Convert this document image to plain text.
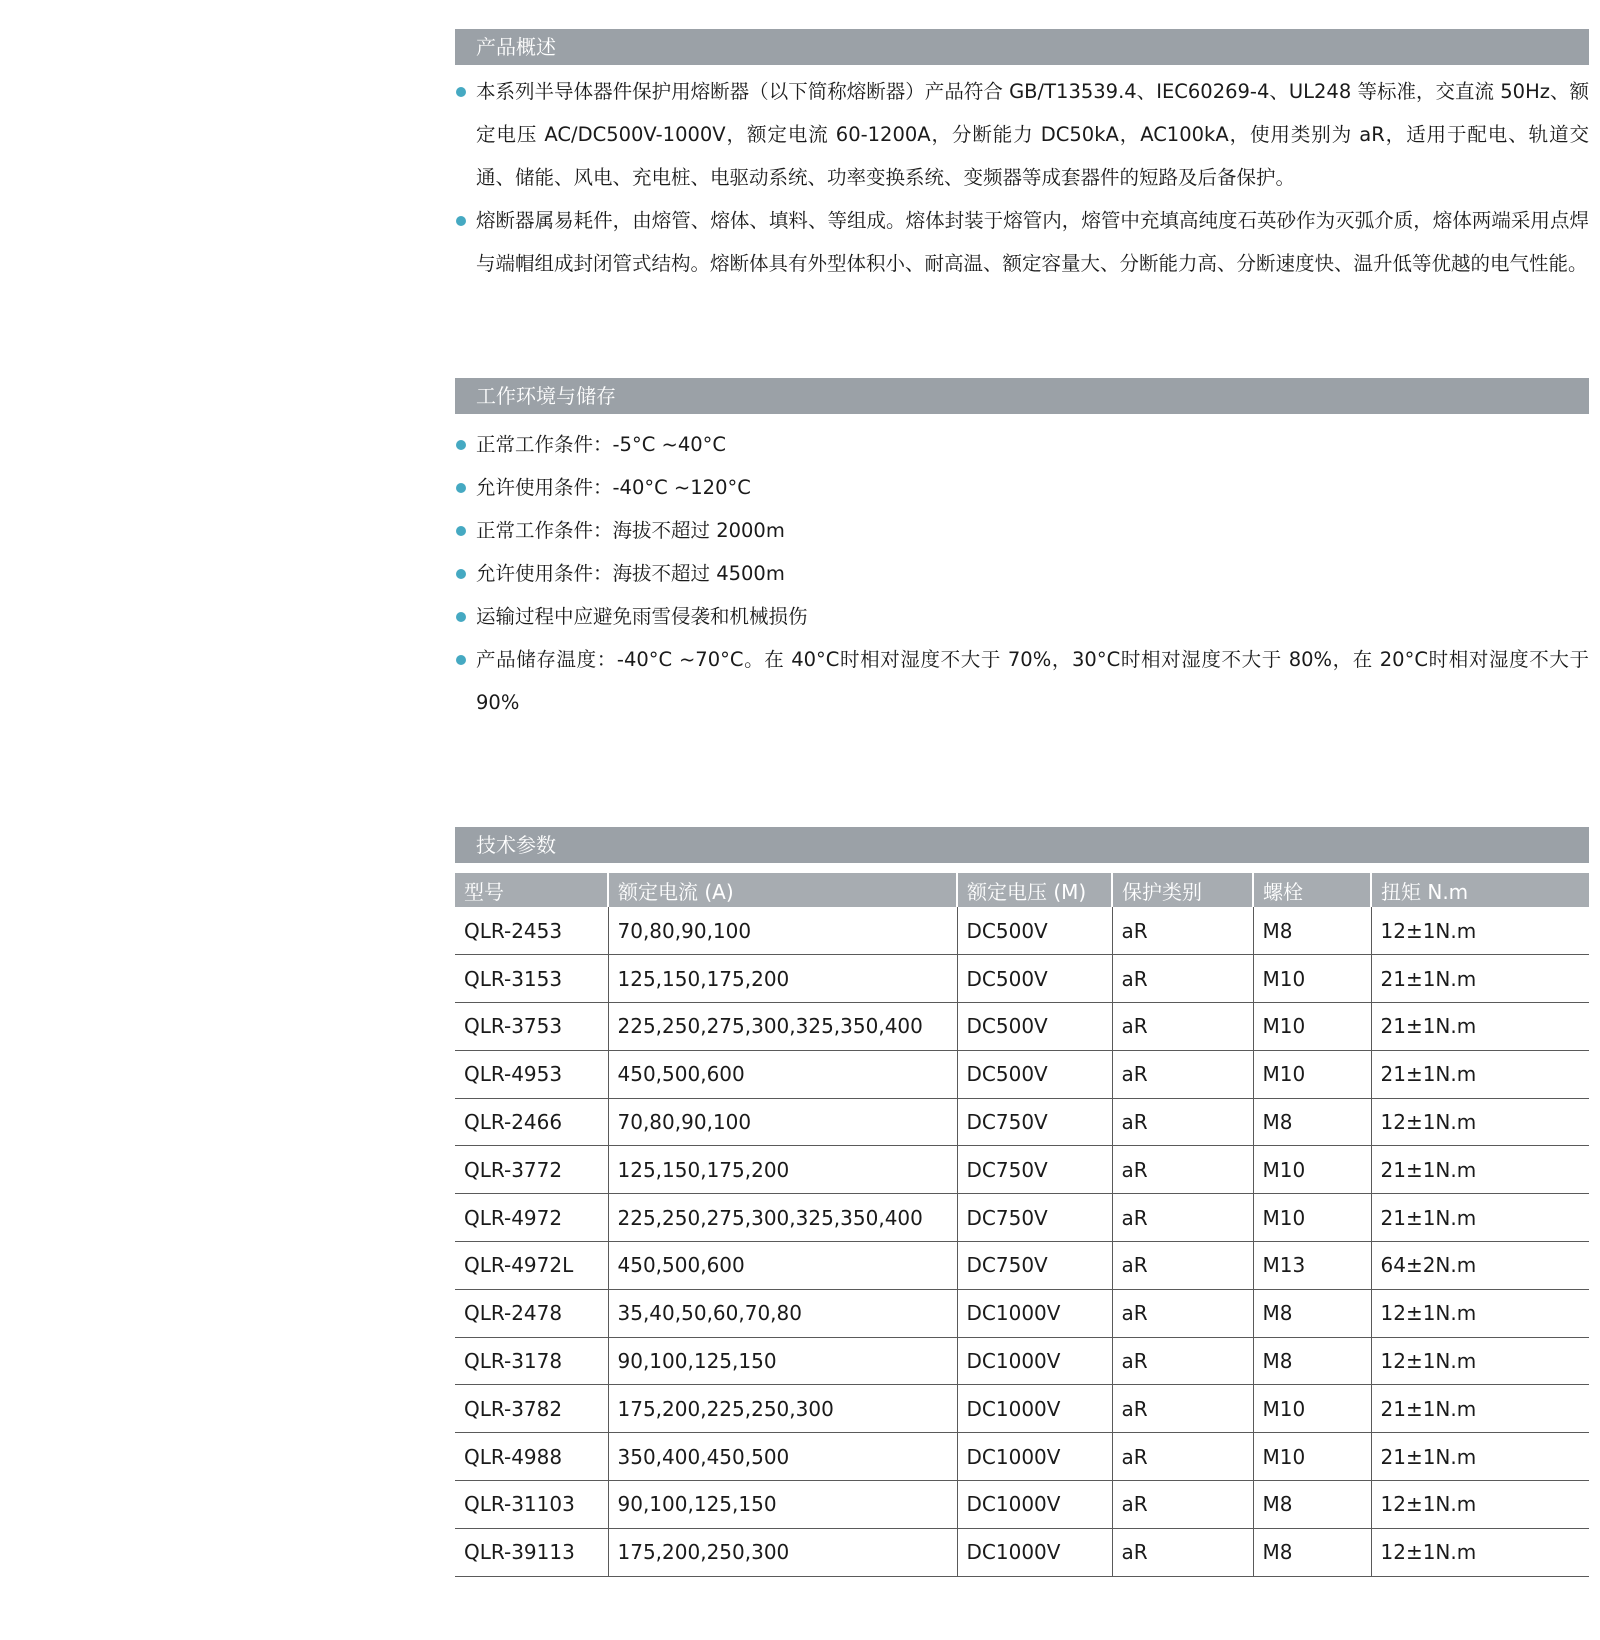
产品概述
本系列半导体器件保护用熔断器（以下简称熔断器）产品符合 GB/T13539.4、IEC60269-4、UL248 等标准，交直流 50Hz、额定电压 AC/DC500V-1000V，额定电流 60-1200A，分断能力 DC50kA，AC100kA，使用类别为 aR，适用于配电、轨道交通、储能、风电、充电桩、电驱动系统、功率变换系统、变频器等成套器件的短路及后备保护。
熔断器属易耗件，由熔管、熔体、填料、等组成。熔体封装于熔管内，熔管中充填高纯度石英砂作为灭弧介质，熔体两端采用点焊与端帽组成封闭管式结构。熔断体具有外型体积小、耐高温、额定容量大、分断能力高、分断速度快、温升低等优越的电气性能。
工作环境与储存
正常工作条件：-5°C ~40°C
允许使用条件：-40°C ~120°C
正常工作条件：海拔不超过 2000m
允许使用条件：海拔不超过 4500m
运输过程中应避免雨雪侵袭和机械损伤
产品储存温度：-40°C ~70°C。在 40°C时相对湿度不大于 70%，30°C时相对湿度不大于 80%，在 20°C时相对湿度不大于 90%
技术参数
型号	额定电流 (A)	额定电压 (M)	保护类别	螺栓	扭矩 N.m
QLR-2453	70,80,90,100	DC500V	aR	M8	12±1N.m
QLR-3153	125,150,175,200	DC500V	aR	M10	21±1N.m
QLR-3753	225,250,275,300,325,350,400	DC500V	aR	M10	21±1N.m
QLR-4953	450,500,600	DC500V	aR	M10	21±1N.m
QLR-2466	70,80,90,100	DC750V	aR	M8	12±1N.m
QLR-3772	125,150,175,200	DC750V	aR	M10	21±1N.m
QLR-4972	225,250,275,300,325,350,400	DC750V	aR	M10	21±1N.m
QLR-4972L	450,500,600	DC750V	aR	M13	64±2N.m
QLR-2478	35,40,50,60,70,80	DC1000V	aR	M8	12±1N.m
QLR-3178	90,100,125,150	DC1000V	aR	M8	12±1N.m
QLR-3782	175,200,225,250,300	DC1000V	aR	M10	21±1N.m
QLR-4988	350,400,450,500	DC1000V	aR	M10	21±1N.m
QLR-31103	90,100,125,150	DC1000V	aR	M8	12±1N.m
QLR-39113	175,200,250,300	DC1000V	aR	M8	12±1N.m
